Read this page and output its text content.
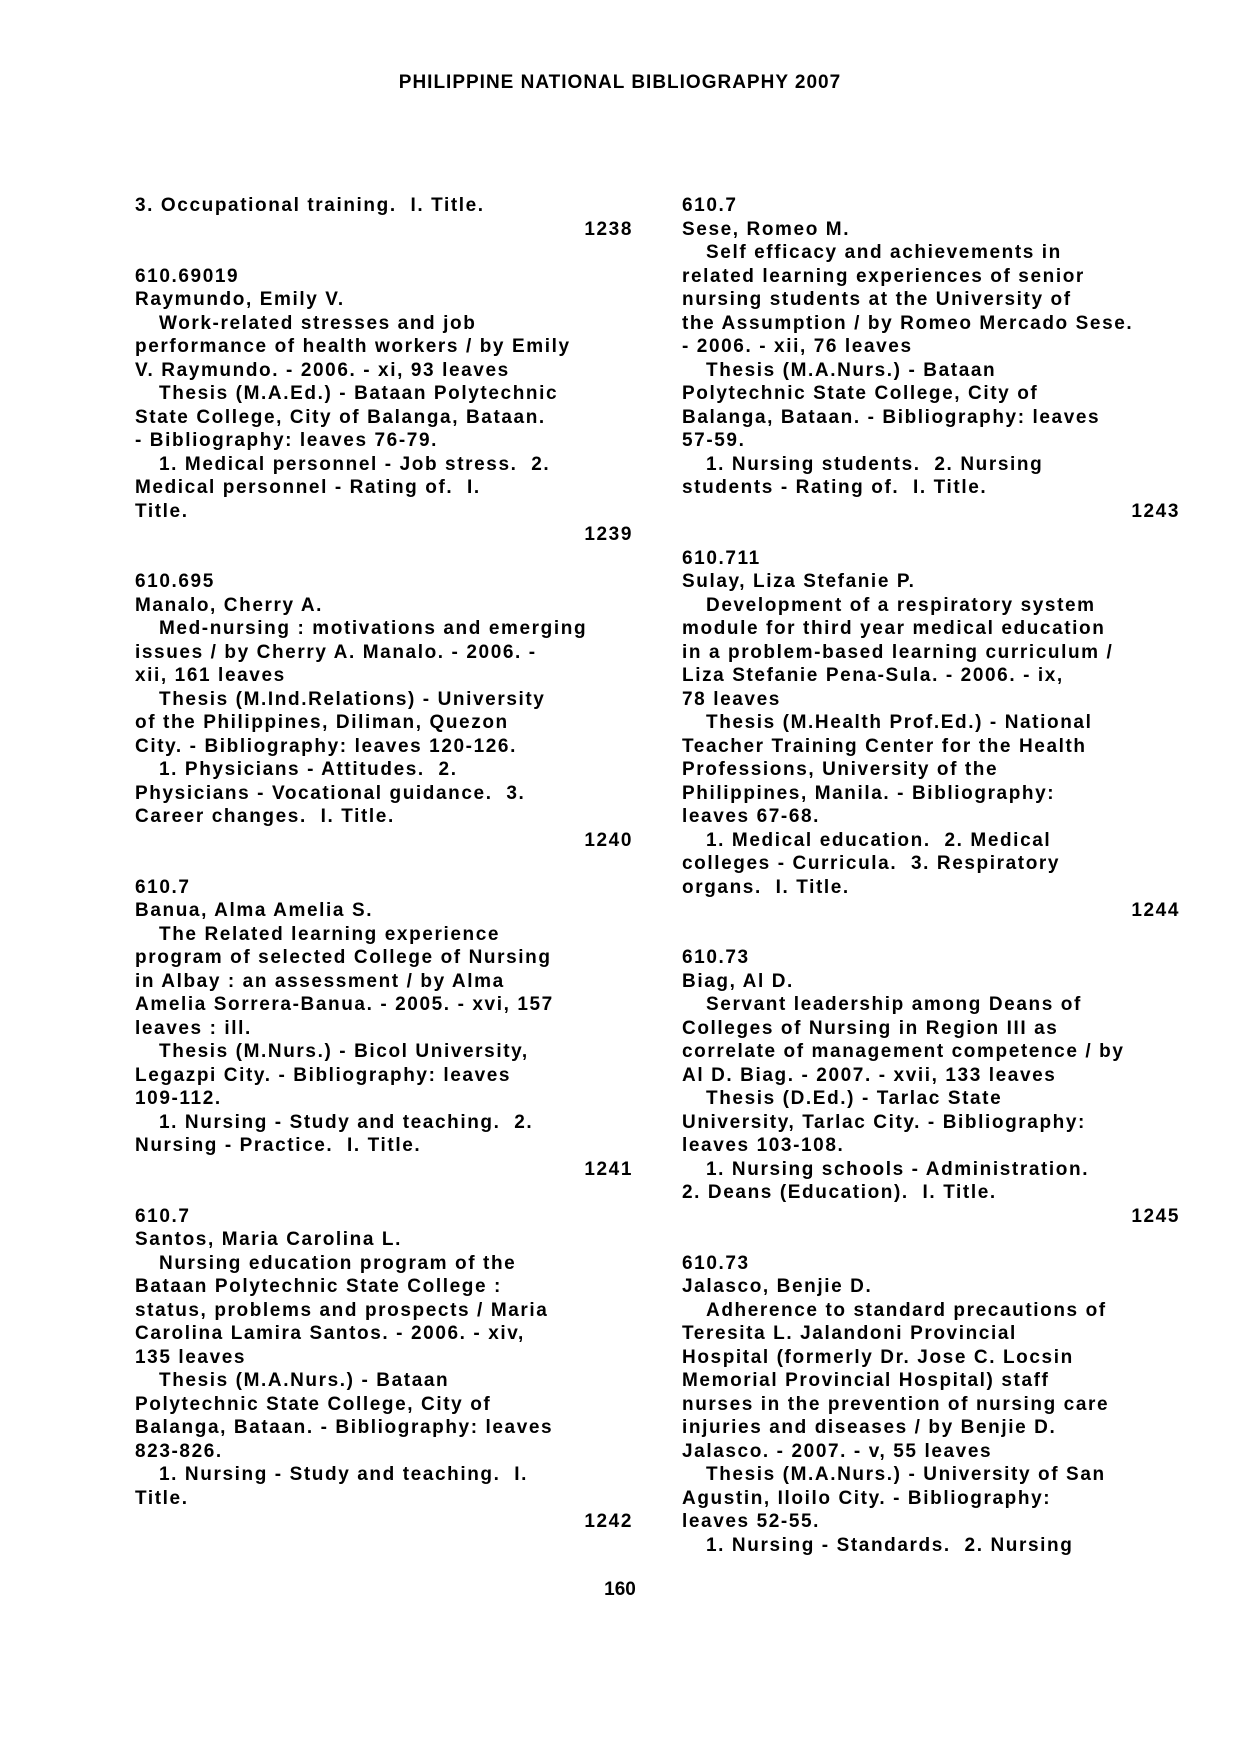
PHILIPPINE NATIONAL BIBLIOGRAPHY 2007
3. Occupational training.  I. Title.
1238
610.69019
Raymundo, Emily V.
Work-related stresses and job
performance of health workers / by Emily
V. Raymundo. - 2006. - xi, 93 leaves
Thesis (M.A.Ed.) - Bataan Polytechnic
State College, City of Balanga, Bataan.
- Bibliography: leaves 76-79.
1. Medical personnel - Job stress.  2.
Medical personnel - Rating of.  I.
Title.
1239
610.695
Manalo, Cherry A.
Med-nursing : motivations and emerging
issues / by Cherry A. Manalo. - 2006. -
xii, 161 leaves
Thesis (M.Ind.Relations) - University
of the Philippines, Diliman, Quezon
City. - Bibliography: leaves 120-126.
1. Physicians - Attitudes.  2.
Physicians - Vocational guidance.  3.
Career changes.  I. Title.
1240
610.7
Banua, Alma Amelia S.
The Related learning experience
program of selected College of Nursing
in Albay : an assessment / by Alma
Amelia Sorrera-Banua. - 2005. - xvi, 157
leaves : ill.
Thesis (M.Nurs.) - Bicol University,
Legazpi City. - Bibliography: leaves
109-112.
1. Nursing - Study and teaching.  2.
Nursing - Practice.  I. Title.
1241
610.7
Santos, Maria Carolina L.
Nursing education program of the
Bataan Polytechnic State College :
status, problems and prospects / Maria
Carolina Lamira Santos. - 2006. - xiv,
135 leaves
Thesis (M.A.Nurs.) - Bataan
Polytechnic State College, City of
Balanga, Bataan. - Bibliography: leaves
823-826.
1. Nursing - Study and teaching.  I.
Title.
1242
610.7
Sese, Romeo M.
Self efficacy and achievements in
related learning experiences of senior
nursing students at the University of
the Assumption / by Romeo Mercado Sese.
- 2006. - xii, 76 leaves
Thesis (M.A.Nurs.) - Bataan
Polytechnic State College, City of
Balanga, Bataan. - Bibliography: leaves
57-59.
1. Nursing students.  2. Nursing
students - Rating of.  I. Title.
1243
610.711
Sulay, Liza Stefanie P.
Development of a respiratory system
module for third year medical education
in a problem-based learning curriculum /
Liza Stefanie Pena-Sula. - 2006. - ix,
78 leaves
Thesis (M.Health Prof.Ed.) - National
Teacher Training Center for the Health
Professions, University of the
Philippines, Manila. - Bibliography:
leaves 67-68.
1. Medical education.  2. Medical
colleges - Curricula.  3. Respiratory
organs.  I. Title.
1244
610.73
Biag, Al D.
Servant leadership among Deans of
Colleges of Nursing in Region III as
correlate of management competence / by
Al D. Biag. - 2007. - xvii, 133 leaves
Thesis (D.Ed.) - Tarlac State
University, Tarlac City. - Bibliography:
leaves 103-108.
1. Nursing schools - Administration.
2. Deans (Education).  I. Title.
1245
610.73
Jalasco, Benjie D.
Adherence to standard precautions of
Teresita L. Jalandoni Provincial
Hospital (formerly Dr. Jose C. Locsin
Memorial Provincial Hospital) staff
nurses in the prevention of nursing care
injuries and diseases / by Benjie D.
Jalasco. - 2007. - v, 55 leaves
Thesis (M.A.Nurs.) - University of San
Agustin, Iloilo City. - Bibliography:
leaves 52-55.
1. Nursing - Standards.  2. Nursing
160
